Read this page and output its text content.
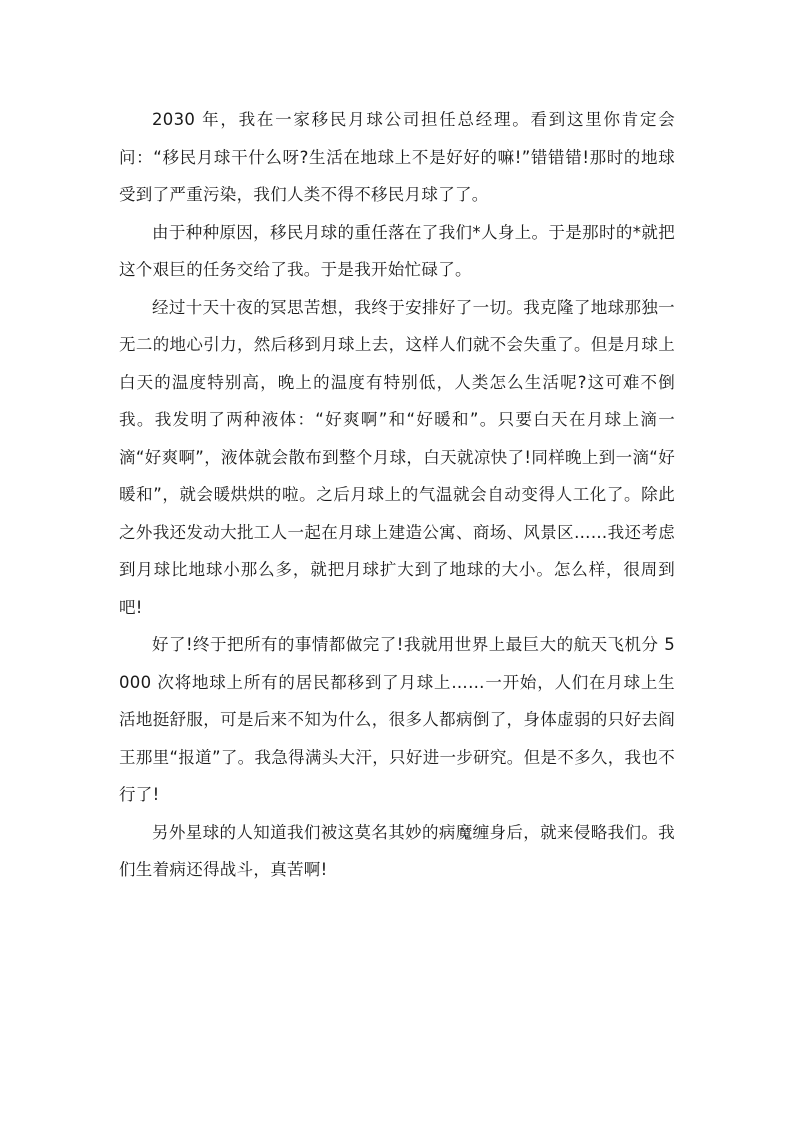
2030 年，我在一家移民月球公司担任总经理。看到这里你肯定会问：“移民月球干什么呀?生活在地球上不是好好的嘛!”错错错!那时的地球受到了严重污染，我们人类不得不移民月球了了。

由于种种原因，移民月球的重任落在了我们*人身上。于是那时的*就把这个艰巨的任务交给了我。于是我开始忙碌了。

经过十天十夜的冥思苦想，我终于安排好了一切。我克隆了地球那独一无二的地心引力，然后移到月球上去，这样人们就不会失重了。但是月球上白天的温度特别高，晚上的温度有特别低，人类怎么生活呢?这可难不倒我。我发明了两种液体：“好爽啊”和“好暖和”。只要白天在月球上滴一滴“好爽啊”，液体就会散布到整个月球，白天就凉快了!同样晚上到一滴“好暖和”，就会暖烘烘的啦。之后月球上的气温就会自动变得人工化了。除此之外我还发动大批工人一起在月球上建造公寓、商场、风景区……我还考虑到月球比地球小那么多，就把月球扩大到了地球的大小。怎么样，很周到吧!

好了!终于把所有的事情都做完了!我就用世界上最巨大的航天飞机分 5000 次将地球上所有的居民都移到了月球上……一开始，人们在月球上生活地挺舒服，可是后来不知为什么，很多人都病倒了，身体虚弱的只好去阎王那里“报道”了。我急得满头大汗，只好进一步研究。但是不多久，我也不行了!

另外星球的人知道我们被这莫名其妙的病魔缠身后，就来侵略我们。我们生着病还得战斗，真苦啊!
